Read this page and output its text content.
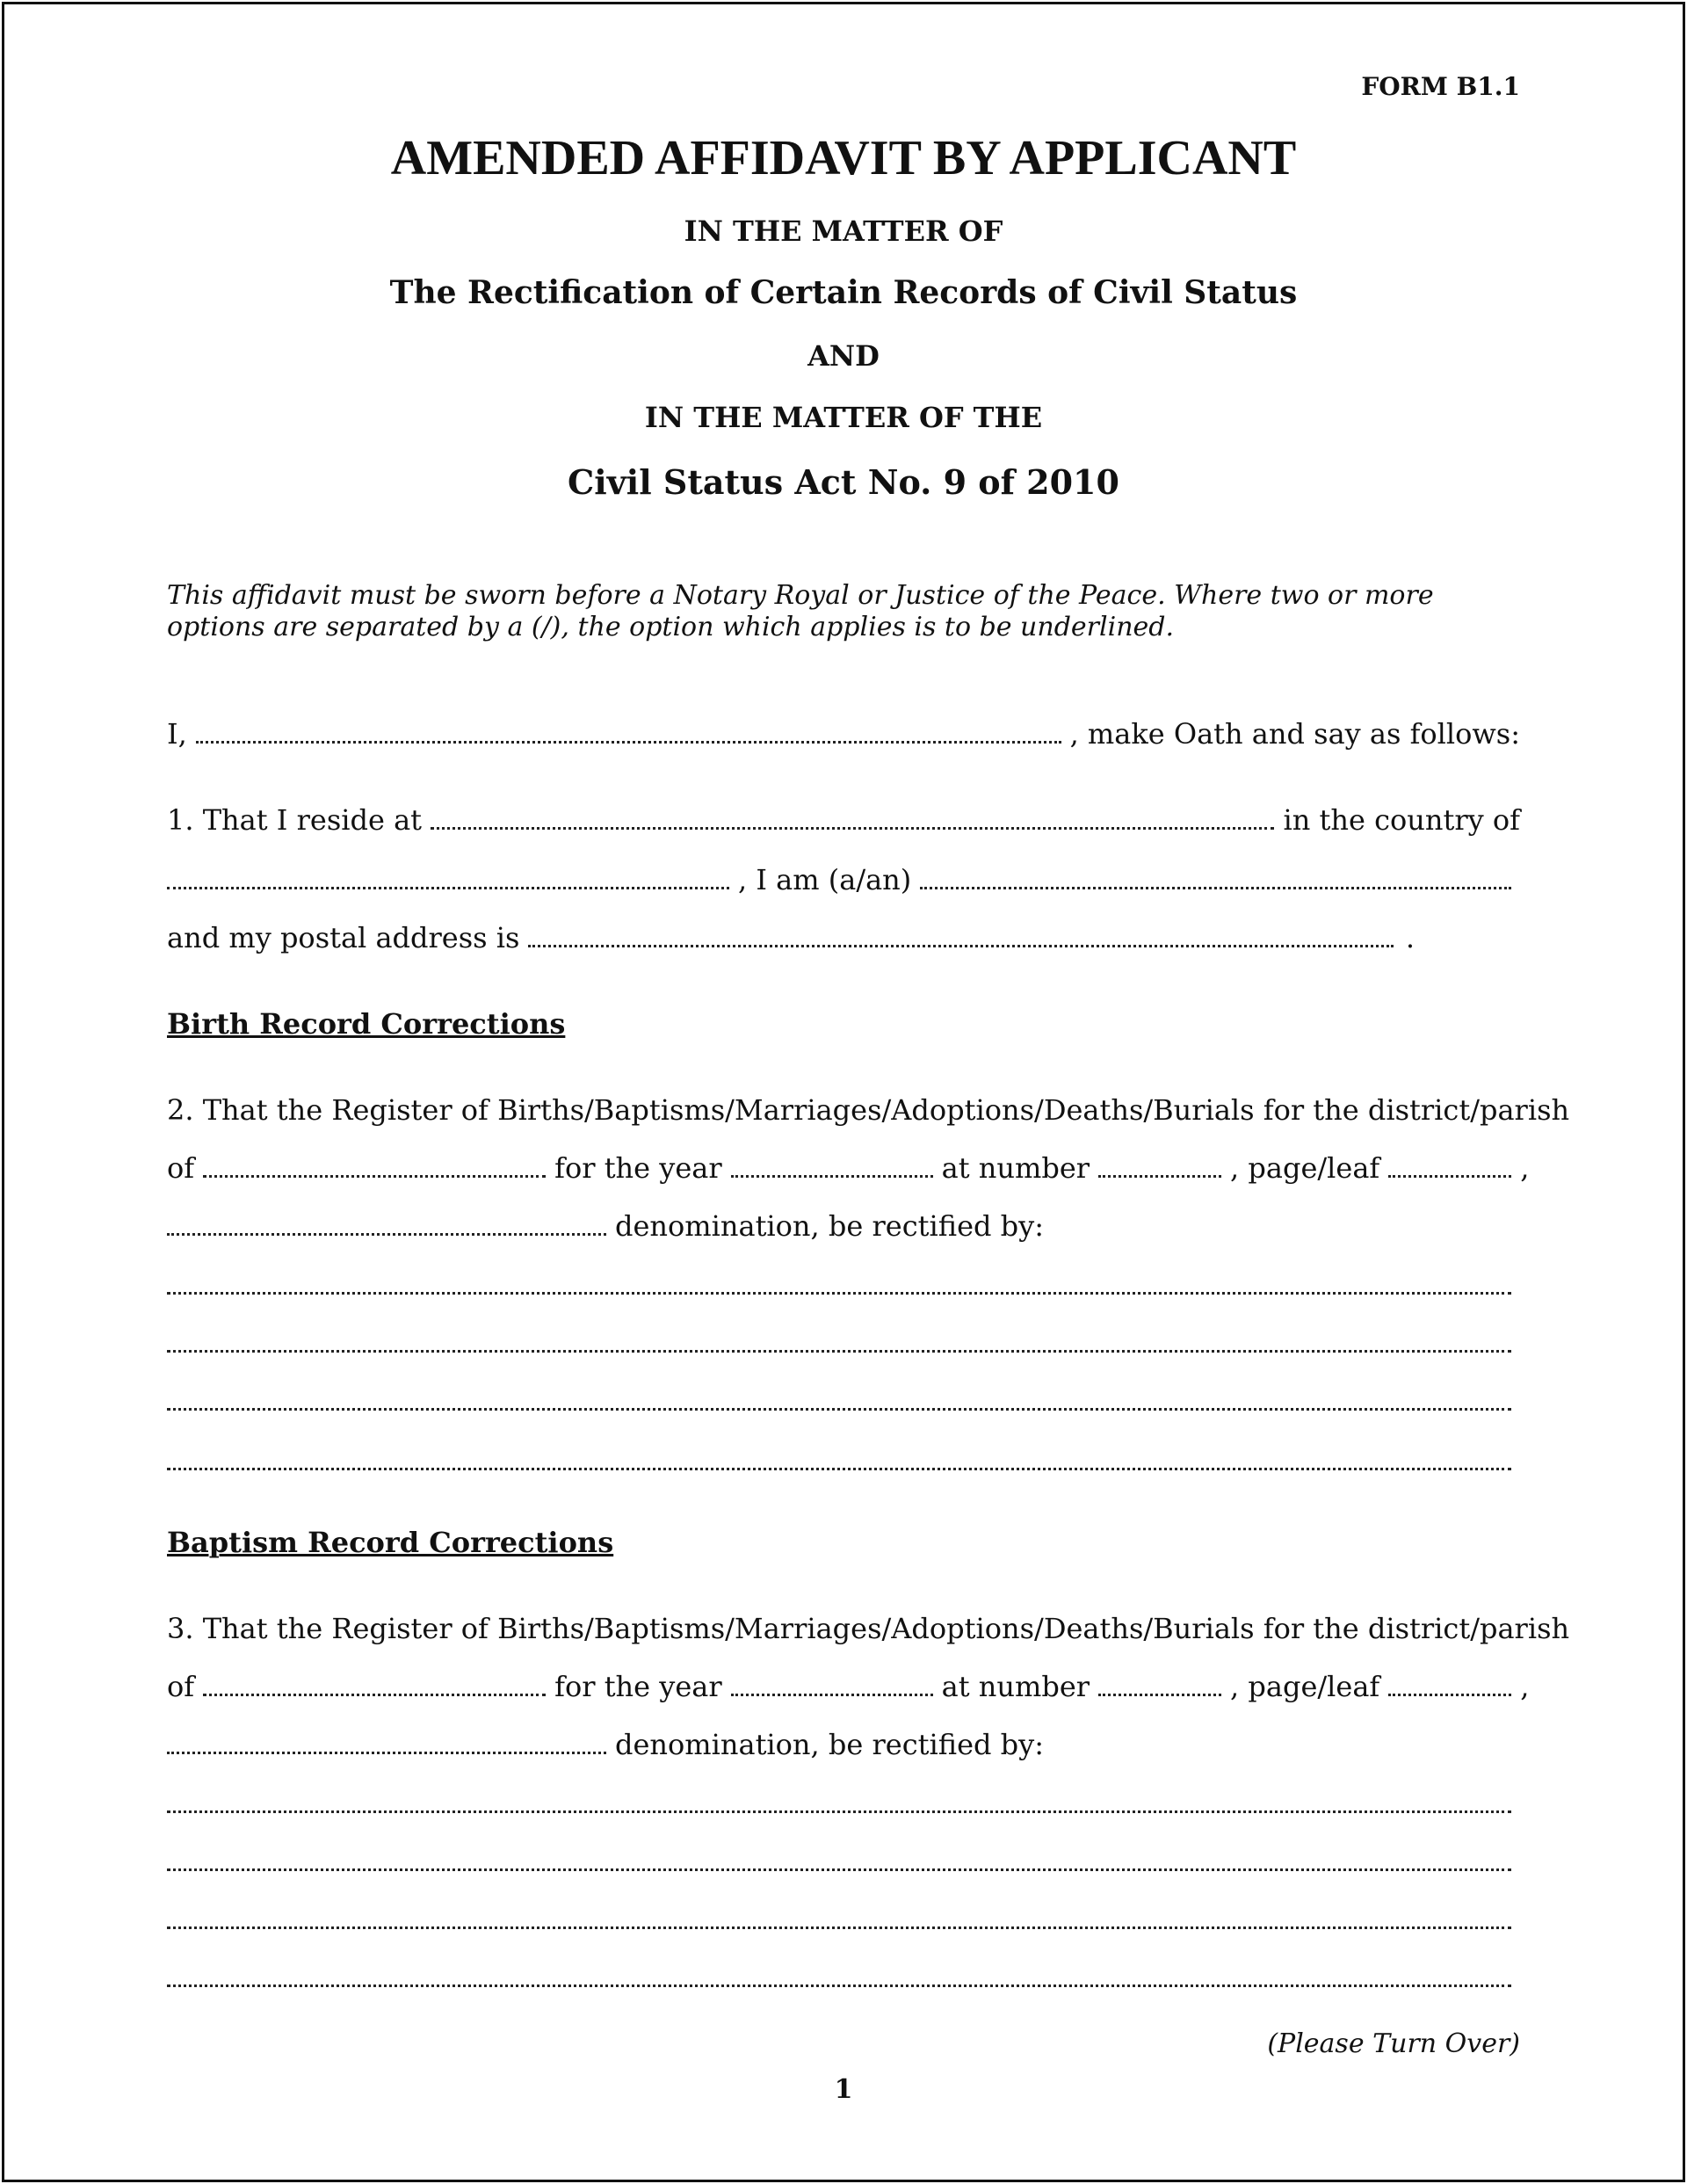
FORM B1.1
AMENDED AFFIDAVIT BY APPLICANT
IN THE MATTER OF
The Rectification of Certain Records of Civil Status
AND
IN THE MATTER OF THE
Civil Status Act No. 9 of 2010
This affidavit must be sworn before a Notary Royal or Justice of the Peace. Where two or more options are separated by a (/), the option which applies is to be underlined.
I,	, make Oath and say as follows:
1. That I reside at	in the country of
, I am (a/an)
and my postal address is	.
Birth Record Corrections
2. That the Register of Births/Baptisms/Marriages/Adoptions/Deaths/Burials for the district/parish
of	for the year	at number	, page/leaf	,
denomination, be rectified by:
Baptism Record Corrections
3. That the Register of Births/Baptisms/Marriages/Adoptions/Deaths/Burials for the district/parish
of	for the year	at number	, page/leaf	,
denomination, be rectified by:
(Please Turn Over)
1
